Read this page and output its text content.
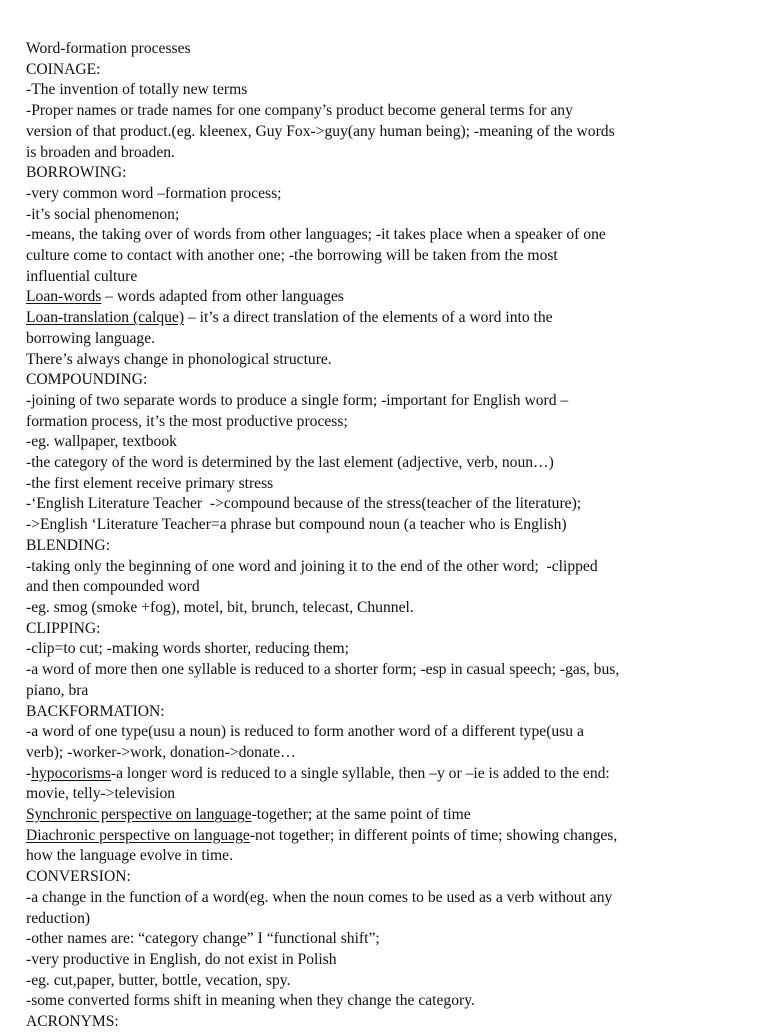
Word-formation processes
COINAGE:
-The invention of totally new terms
-Proper names or trade names for one company’s product become general terms for any
version of that product.(eg. kleenex, Guy Fox->guy(any human being); -meaning of the words
is broaden and broaden.
BORROWING:
-very common word –formation process;
-it’s social phenomenon;
-means, the taking over of words from other languages; -it takes place when a speaker of one
culture come to contact with another one; -the borrowing will be taken from the most
influential culture
Loan-words – words adapted from other languages
Loan-translation (calque) – it’s a direct translation of the elements of a word into the
borrowing language.
There’s always change in phonological structure.
COMPOUNDING:
-joining of two separate words to produce a single form; -important for English word –
formation process, it’s the most productive process;
-eg. wallpaper, textbook
-the category of the word is determined by the last element (adjective, verb, noun…)
-the first element receive primary stress
-‘English Literature Teacher  ->compound because of the stress(teacher of the literature);
->English ‘Literature Teacher=a phrase but compound noun (a teacher who is English)
BLENDING:
-taking only the beginning of one word and joining it to the end of the other word;  -clipped
and then compounded word
-eg. smog (smoke +fog), motel, bit, brunch, telecast, Chunnel.
CLIPPING:
-clip=to cut; -making words shorter, reducing them;
-a word of more then one syllable is reduced to a shorter form; -esp in casual speech; -gas, bus,
piano, bra
BACKFORMATION:
-a word of one type(usu a noun) is reduced to form another word of a different type(usu a
verb); -worker->work, donation->donate…
-hypocorisms-a longer word is reduced to a single syllable, then –y or –ie is added to the end:
movie, telly->television
Synchronic perspective on language-together; at the same point of time
Diachronic perspective on language-not together; in different points of time; showing changes,
how the language evolve in time.
CONVERSION:
-a change in the function of a word(eg. when the noun comes to be used as a verb without any
reduction)
-other names are: “category change” I “functional shift”;
-very productive in English, do not exist in Polish
-eg. cut,paper, butter, bottle, vecation, spy.
-some converted forms shift in meaning when they change the category.
ACRONYMS:
